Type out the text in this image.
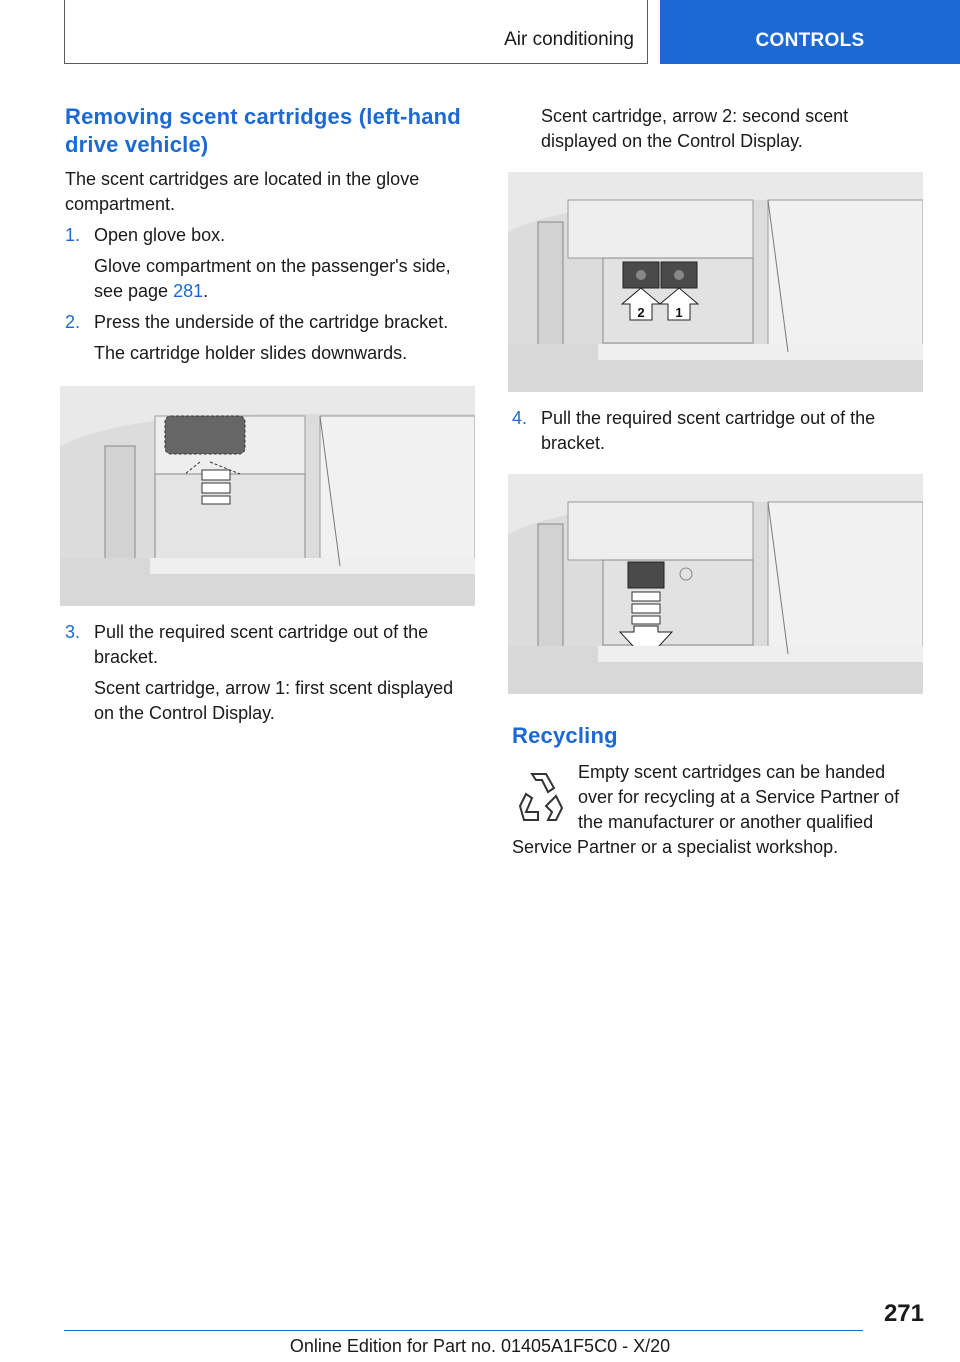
Air conditioning	CONTROLS
Removing scent cartridges (left-hand drive vehicle)

The scent cartridges are located in the glove compartment.

1. Open glove box.

Glove compartment on the passenger's side, see page 281.

2. Press the underside of the cartridge bracket.

The cartridge holder slides downwards.

3. Pull the required scent cartridge out of the bracket.

Scent cartridge, arrow 1: first scent displayed on the Control Display.

Scent cartridge, arrow 2: second scent displayed on the Control Display.

2 1
4. Pull the required scent cartridge out of the bracket.
Recycling

Empty scent cartridges can be handed over for recycling at a Service Partner of the manufacturer or another qualified Service Partner or a specialist workshop.

271
Online Edition for Part no. 01405A1F5C0 - X/20
